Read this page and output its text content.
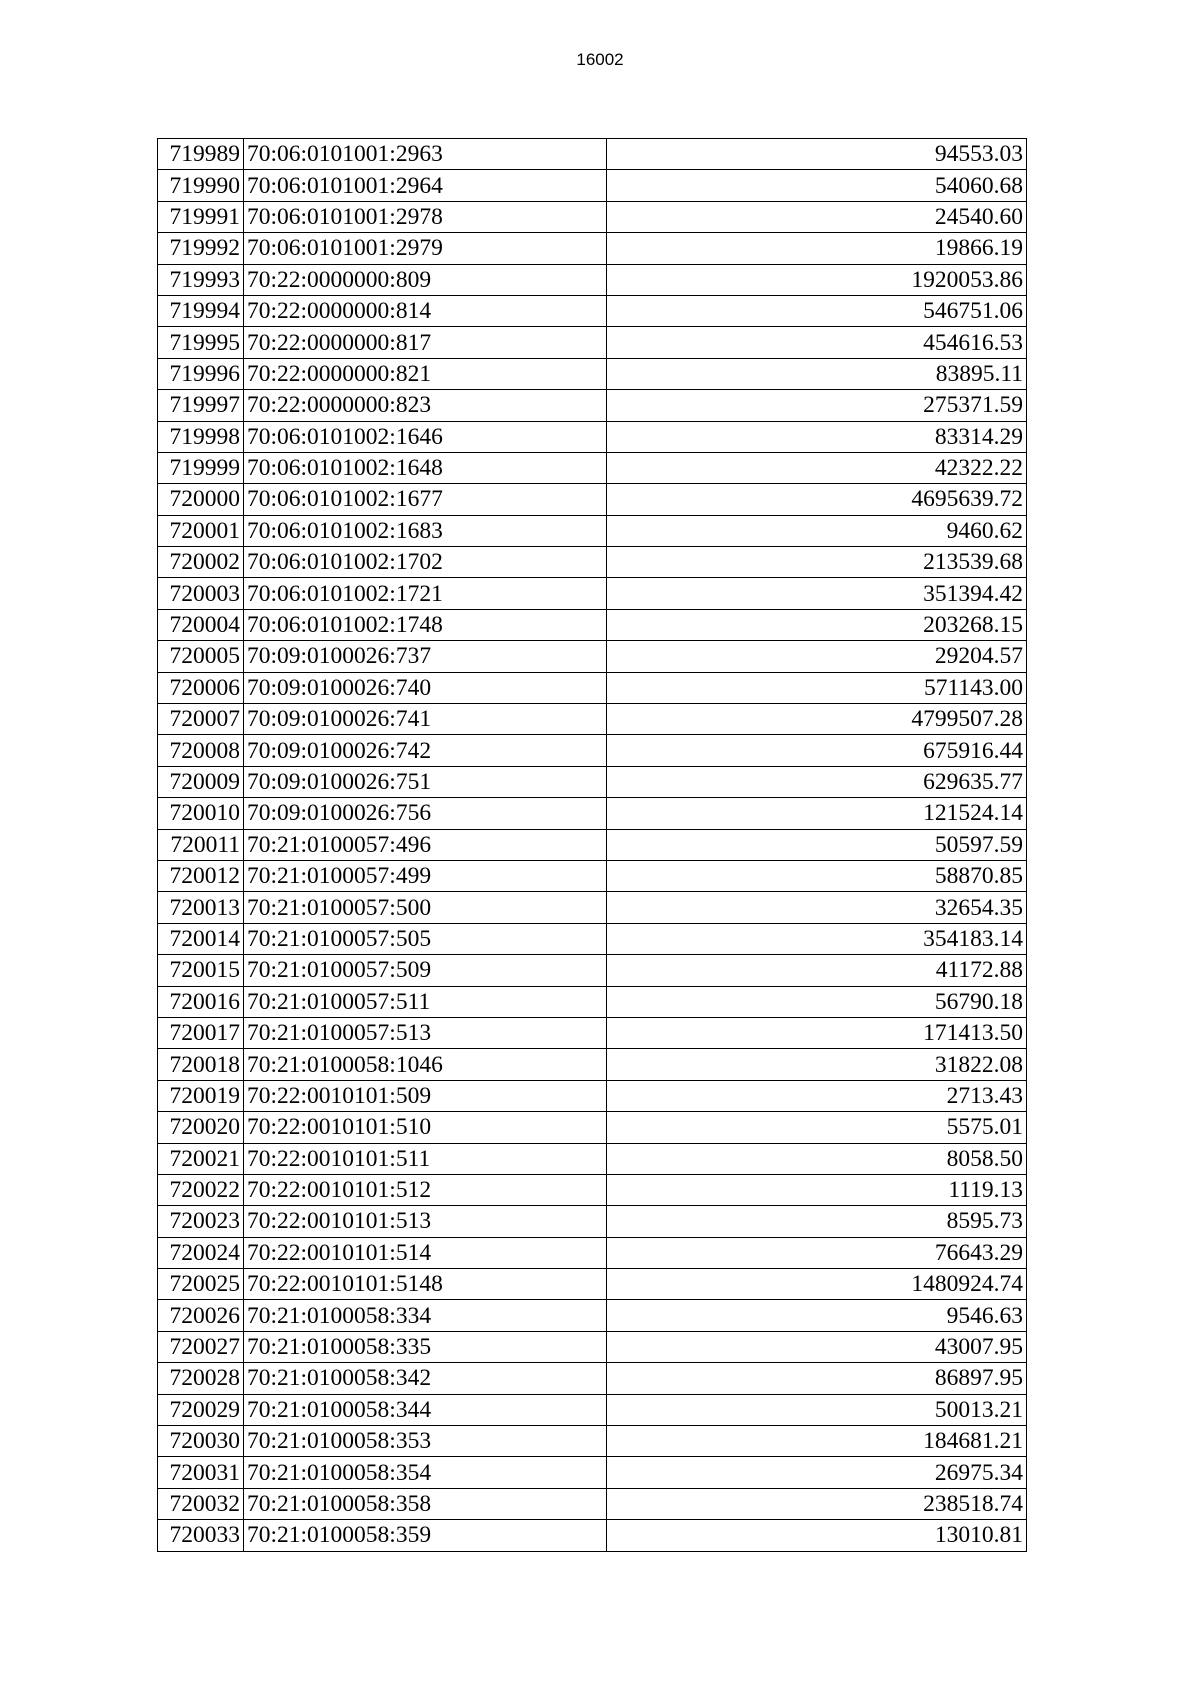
16002
719989	70:06:0101001:2963	94553.03
719990	70:06:0101001:2964	54060.68
719991	70:06:0101001:2978	24540.60
719992	70:06:0101001:2979	19866.19
719993	70:22:0000000:809	1920053.86
719994	70:22:0000000:814	546751.06
719995	70:22:0000000:817	454616.53
719996	70:22:0000000:821	83895.11
719997	70:22:0000000:823	275371.59
719998	70:06:0101002:1646	83314.29
719999	70:06:0101002:1648	42322.22
720000	70:06:0101002:1677	4695639.72
720001	70:06:0101002:1683	9460.62
720002	70:06:0101002:1702	213539.68
720003	70:06:0101002:1721	351394.42
720004	70:06:0101002:1748	203268.15
720005	70:09:0100026:737	29204.57
720006	70:09:0100026:740	571143.00
720007	70:09:0100026:741	4799507.28
720008	70:09:0100026:742	675916.44
720009	70:09:0100026:751	629635.77
720010	70:09:0100026:756	121524.14
720011	70:21:0100057:496	50597.59
720012	70:21:0100057:499	58870.85
720013	70:21:0100057:500	32654.35
720014	70:21:0100057:505	354183.14
720015	70:21:0100057:509	41172.88
720016	70:21:0100057:511	56790.18
720017	70:21:0100057:513	171413.50
720018	70:21:0100058:1046	31822.08
720019	70:22:0010101:509	2713.43
720020	70:22:0010101:510	5575.01
720021	70:22:0010101:511	8058.50
720022	70:22:0010101:512	1119.13
720023	70:22:0010101:513	8595.73
720024	70:22:0010101:514	76643.29
720025	70:22:0010101:5148	1480924.74
720026	70:21:0100058:334	9546.63
720027	70:21:0100058:335	43007.95
720028	70:21:0100058:342	86897.95
720029	70:21:0100058:344	50013.21
720030	70:21:0100058:353	184681.21
720031	70:21:0100058:354	26975.34
720032	70:21:0100058:358	238518.74
720033	70:21:0100058:359	13010.81
